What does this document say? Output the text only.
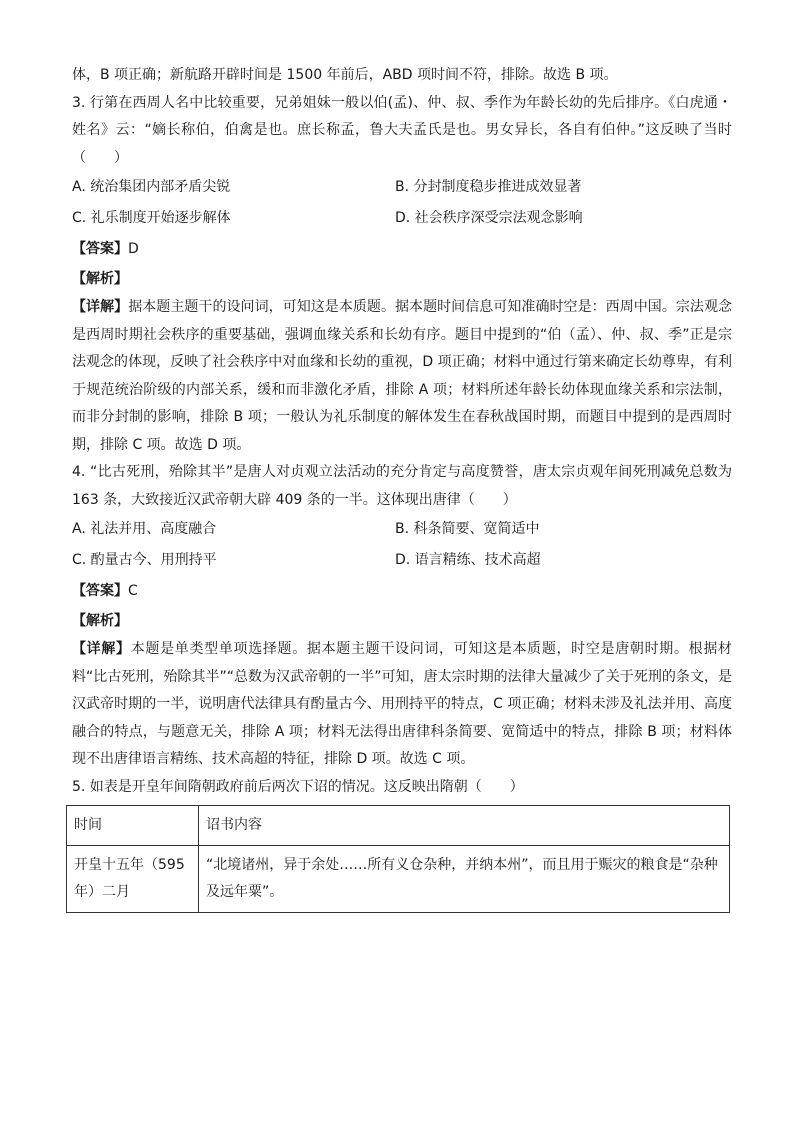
体，B 项正确；新航路开辟时间是 1500 年前后，ABD 项时间不符，排除。故选 B 项。

3. 行第在西周人名中比较重要，兄弟姐妹一般以伯(孟)、仲、叔、季作为年龄长幼的先后排序。《白虎通・姓名》云：“嫡长称伯，伯禽是也。庶长称孟，鲁大夫孟氏是也。男女异长，各自有伯仲。”这反映了当时（　　）

A. 统治集团内部矛盾尖锐	B. 分封制度稳步推进成效显著
C. 礼乐制度开始逐步解体	D. 社会秩序深受宗法观念影响

【答案】D

【解析】

【详解】据本题主题干的设问词，可知这是本质题。据本题时间信息可知准确时空是：西周中国。宗法观念是西周时期社会秩序的重要基础，强调血缘关系和长幼有序。题目中提到的“伯（孟）、仲、叔、季”正是宗法观念的体现，反映了社会秩序中对血缘和长幼的重视，D 项正确；材料中通过行第来确定长幼尊卑，有利于规范统治阶级的内部关系，缓和而非激化矛盾，排除 A 项；材料所述年龄长幼体现血缘关系和宗法制，而非分封制的影响，排除 B 项；一般认为礼乐制度的解体发生在春秋战国时期，而题目中提到的是西周时期，排除 C 项。故选 D 项。

4. “比古死刑，殆除其半”是唐人对贞观立法活动的充分肯定与高度赞誉，唐太宗贞观年间死刑减免总数为 163 条，大致接近汉武帝朝大辟 409 条的一半。这体现出唐律（　　）

A. 礼法并用、高度融合	B. 科条简要、宽简适中
C. 酌量古今、用刑持平	D. 语言精练、技术高超

【答案】C

【解析】

【详解】本题是单类型单项选择题。据本题主题干设问词，可知这是本质题，时空是唐朝时期。根据材料“比古死刑，殆除其半”“总数为汉武帝朝的一半”可知，唐太宗时期的法律大量减少了关于死刑的条文，是汉武帝时期的一半，说明唐代法律具有酌量古今、用刑持平的特点，C 项正确；材料未涉及礼法并用、高度融合的特点，与题意无关，排除 A 项；材料无法得出唐律科条简要、宽简适中的特点，排除 B 项；材料体现不出唐律语言精练、技术高超的特征，排除 D 项。故选 C 项。

5. 如表是开皇年间隋朝政府前后两次下诏的情况。这反映出隋朝（　　）

时间	诏书内容
开皇十五年（595 年）二月	“北境诸州，异于余处……所有义仓杂种，并纳本州”，而且用于赈灾的粮食是“杂种及远年粟”。
